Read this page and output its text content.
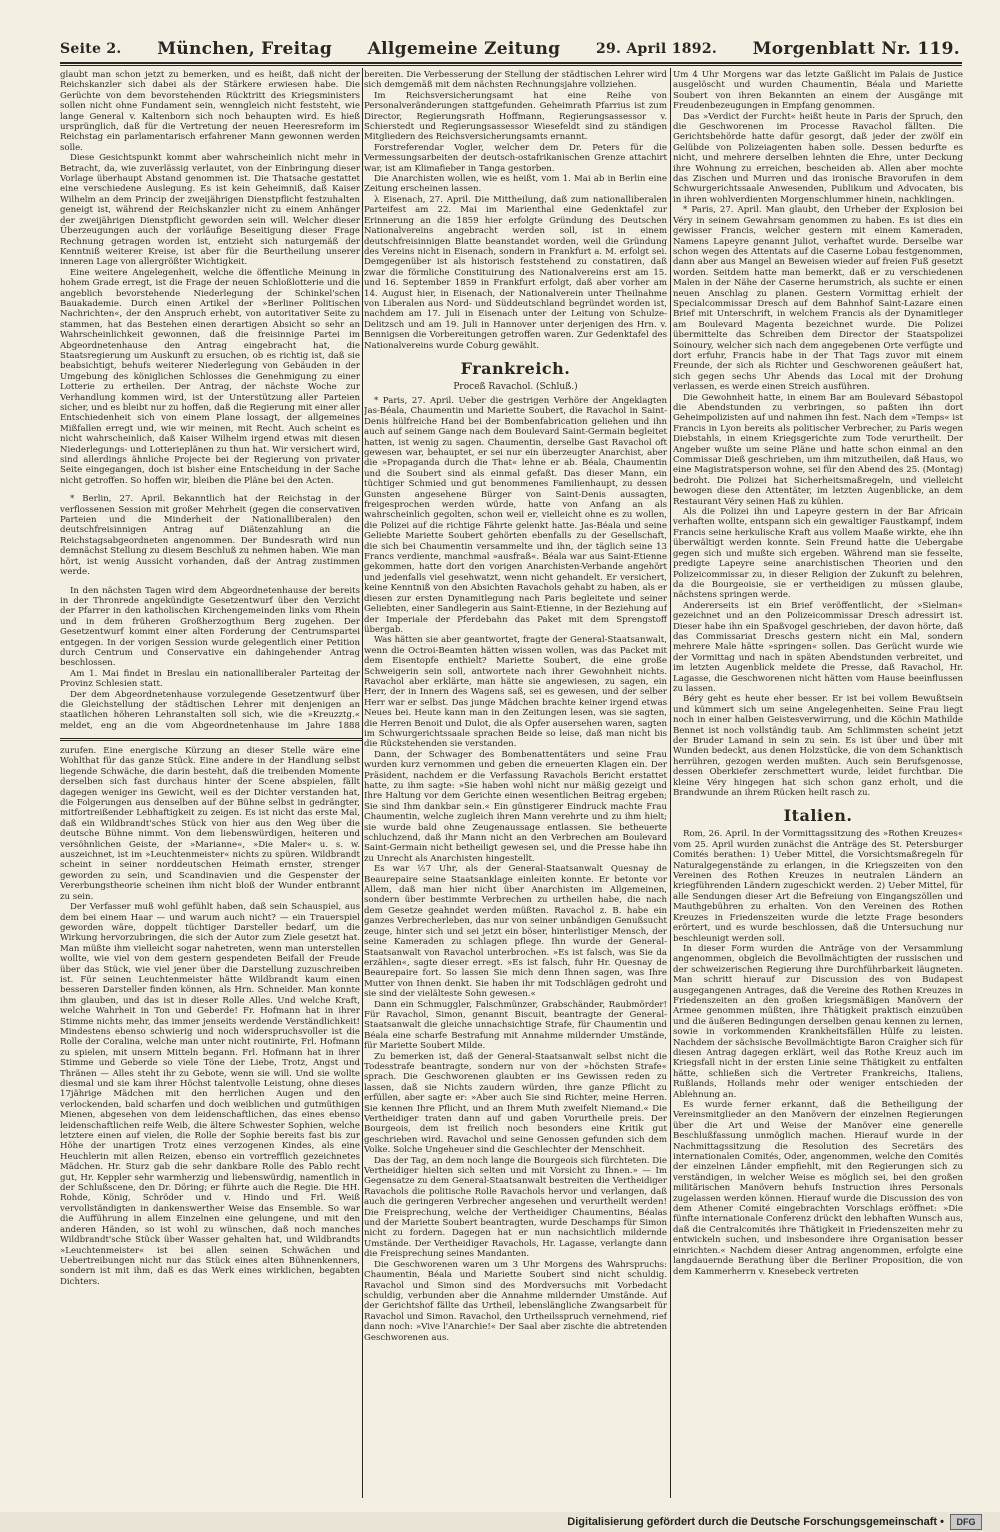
Seite 2. München, Freitag Allgemeine Zeitung	29. April 1892. Morgenblatt Nr. 119.

glaubt man schon jetzt zu bemerken, und es heißt, daß nicht der Reichskanzler sich dabei als der Stärkere erwiesen habe. Die Gerüchte von dem bevorstehenden Rücktritt des Kriegsministers sollen nicht ohne Fundament sein, wenngleich nicht feststeht, wie lange General v. Kaltenborn sich noch behaupten wird. Es hieß ursprünglich, daß für die Vertretung der neuen Heeresreform im Reichstag ein parlamentarisch erfahrener Mann gewonnen werden solle.

Diese Gesichtspunkt kommt aber wahrscheinlich nicht mehr in Betracht, da, wie zuverlässig verlautet, von der Einbringung dieser Vorlage überhaupt Abstand genommen ist. Die Thatsache gestattet eine verschiedene Auslegung. Es ist kein Geheimniß, daß Kaiser Wilhelm an dem Princip der zweijährigen Dienstpflicht festzuhalten geneigt ist, während der Reichskanzler nicht zu einem Anhänger der zweijährigen Dienstpflicht geworden sein will. Welcher dieser Überzeugungen auch der vorläufige Beseitigung dieser Frage Rechnung getragen worden ist, entzieht sich naturgemäß der Kenntniß weiterer Kreise, ist aber für die Beurtheilung unserer inneren Lage von allergrößter Wichtigkeit.

Eine weitere Angelegenheit, welche die öffentliche Meinung in hohem Grade erregt, ist die Frage der neuen Schloßlotterie und die angeblich bevorstehende Niederlegung der Schinkel'schen Bauakademie. Durch einen Artikel der »Berliner Politischen Nachrichten«, der den Anspruch erhebt, von autoritativer Seite zu stammen, hat das Bestehen einen derartigen Absicht so sehr an Wahrscheinlichkeit gewonnen, daß die freisinnige Partei im Abgeordnetenhause den Antrag eingebracht hat, die Staatsregierung um Auskunft zu ersuchen, ob es richtig ist, daß sie beabsichtigt, behufs weiterer Niederlegung von Gebäuden in der Umgebung des königlichen Schlosses die Genehmigung zu einer Lotterie zu ertheilen. Der Antrag, der nächste Woche zur Verhandlung kommen wird, ist der Unterstützung aller Parteien sicher, und es bleibt nur zu hoffen, daß die Regierung mit einer aller Entschiedenheit sich von einem Plane lossagt, der allgemeines Mißfallen erregt und, wie wir meinen, mit Recht. Auch scheint es nicht wahrscheinlich, daß Kaiser Wilhelm irgend etwas mit diesen Niederlegungs- und Lotterieplänen zu thun hat. Wir versichert wird, sind allerdings ähnliche Projecte bei der Regierung von privater Seite eingegangen, doch ist bisher eine Entscheidung in der Sache nicht getroffen. So hoffen wir, bleiben die Pläne bei den Acten.

* Berlin, 27. April. Bekanntlich hat der Reichstag in der verflossenen Session mit großer Mehrheit (gegen die conservativen Parteien und die Minderheit der Nationalliberalen) den deutschfreisinnigen Antrag auf Diätenzahlung an die Reichstagsabgeordneten angenommen. Der Bundesrath wird nun demnächst Stellung zu diesem Beschluß zu nehmen haben. Wie man hört, ist wenig Aussicht vorhanden, daß der Antrag zustimmen werde.

In den nächsten Tagen wird dem Abgeordnetenhause der bereits in der Thronrede angekündigte Gesetzentwurf über den Verzicht der Pfarrer in den katholischen Kirchengemeinden links vom Rhein und in dem früheren Großherzogthum Berg zugehen. Der Gesetzentwurf kommt einer alten Forderung der Centrumspartei entgegen. In der vorigen Session wurde gelegentlich einer Petition durch Centrum und Conservative ein dahingehender Antrag beschlossen.

Am 1. Mai findet in Breslau ein nationalliberaler Parteitag der Provinz Schlesien statt.

Der dem Abgeordnetenhause vorzulegende Gesetzentwurf über die Gleichstellung der städtischen Lehrer mit denjenigen an staatlichen höheren Lehranstalten soll sich, wie die »Kreuzztg.« meldet, eng an die vom Abgeordnetenhause im Jahre 1888

zurufen. Eine energische Kürzung an dieser Stelle wäre eine Wohlthat für das ganze Stück. Eine andere in der Handlung selbst liegende Schwäche, die darin besteht, daß die treibenden Momente derselben sich fast durchaus hinter der Scene abspielen, fällt dagegen weniger ins Gewicht, weil es der Dichter verstanden hat, die Folgerungen aus denselben auf der Bühne selbst in gedrängter, mitfortreißender Lebhaftigkeit zu zeigen. Es ist nicht das erste Mal, daß ein Wildbrandt'sches Stück von hier aus den Weg über die deutsche Bühne nimmt. Von dem liebenswürdigen, heiteren und versöhnlichen Geiste, der »Marianne«, »Die Maler« u. s. w. auszeichnet, ist im »Leuchtenmeister« nichts zu spüren. Wildbrandt scheint in seiner norddeutschen Heimath ernster, strenger geworden zu sein, und Scandinavien und die Gespenster der Vererbungstheorie scheinen ihm nicht bloß der Wunder entbrannt zu sein.

Der Verfasser muß wohl gefühlt haben, daß sein Schauspiel, aus dem bei einem Haar — und warum auch nicht? — ein Trauerspiel geworden wäre, doppelt tüchtiger Darsteller bedarf, um die Wirkung hervorzubringen, die sich der Autor zum Ziele gesetzt hat. Man müßte ihm vielleicht sogar nahetreten, wenn man unterstellen wollte, wie viel von dem gestern gespendeten Beifall der Freude über das Stück, wie viel jener über die Darstellung zuzuschreiben ist. Für seinen Leuchtenmeister hätte Wildbrandt kaum einen besseren Darsteller finden können, als Hrn. Schneider. Man konnte ihm glauben, und das ist in dieser Rolle Alles. Und welche Kraft, welche Wahrheit in Ton und Geberde! Fr. Hofmann hat in ihrer Stimme nichts mehr, das immer jenseits werdende Verständlichkeit! Mindestens ebenso schwierig und noch widerspruchsvoller ist die Rolle der Coralina, welche man unter nicht routinirte, Frl. Hofmann zu spielen, mit unsern Mitteln begann. Frl. Hofmann hat in ihrer Stimme und Geberde so viele Töne der Liebe, Trotz, Angst und Thränen — Alles steht ihr zu Gebote, wenn sie will. Und sie wollte diesmal und sie kam ihrer Höchst talentvolle Leistung, ohne dieses 17jährige Mädchen mit den herrlichen Augen und den verlockenden, bald scharfen und doch weiblichen und gutmüthigen Mienen, abgesehen von dem leidenschaftlichen, das eines ebenso leidenschaftlichen reife Weib, die ältere Schwester Sophien, welche letztere einen auf vielen, die Rolle der Sophie bereits fast bis zur Höhe der unartigen Trotz eines verzogenen Kindes, als eine Heuchlerin mit allen Reizen, ebenso ein vortrefflich gezeichnetes Mädchen. Hr. Sturz gab die sehr dankbare Rolle des Pablo recht gut, Hr. Keppler sehr warmherzig und liebenswürdig, namentlich in der Schlußscene, den Dr. Döring; er führte auch die Regie. Die HH. Rohde, König, Schröder und v. Hindo und Frl. Weiß vervollständigten in dankenswerther Weise das Ensemble. So war die Aufführung in allem Einzelnen eine gelungene, und mit den anderen Händen, so ist wohl zu wünschen, daß noch manches Wildbrandt'sche Stück über Wasser gehalten hat, und Wildbrandts »Leuchtenmeister« ist bei allen seinen Schwächen und Uebertreibungen nicht nur das Stück eines alten Bühnenkenners, sondern ist mit ihm, daß es das Werk eines wirklichen, begabten Dichters.

bereiten. Die Verbesserung der Stellung der städtischen Lehrer wird sich demgemäß mit dem nächsten Rechnungsjahre vollziehen.

Im Reichsversicherungsamt hat eine Reihe von Personalveränderungen stattgefunden. Geheimrath Pfarrius ist zum Director, Regierungsrath Hoffmann, Regierungsassessor v. Schierstedt und Regierungsassessor Wiesefeldt sind zu ständigen Mitgliedern des Reichsversicherungsamts ernannt.

Forstreferendar Vogler, welcher dem Dr. Peters für die Vermessungsarbeiten der deutsch-ostafrikanischen Grenze attachirt war, ist am Klimafieber in Tanga gestorben.

Die Anarchisten wollen, wie es heißt, vom 1. Mai ab in Berlin eine Zeitung erscheinen lassen.

λ Eisenach, 27. April. Die Mittheilung, daß zum nationalliberalen Parteifest am 22. Mai im Marienthal eine Gedenktafel zur Erinnerung an die 1859 hier erfolgte Gründung des Deutschen Nationalvereins angebracht werden soll, ist in einem deutschfreisinnigen Blatte beanstandet worden, weil die Gründung des Vereins nicht in Eisenach, sondern in Frankfurt a. M. erfolgt sei. Demgegenüber ist als historisch feststehend zu constatiren, daß zwar die förmliche Constituirung des Nationalvereins erst am 15. und 16. September 1859 in Frankfurt erfolgt, daß aber vorher am 14. August hier, in Eisenach, der Nationalverein unter Theilnahme von Liberalen aus Nord- und Süddeutschland begründet worden ist, nachdem am 17. Juli in Eisenach unter der Leitung von Schulze-Delitzsch und am 19. Juli in Hannover unter derjenigen des Hrn. v. Bennigsen die Vorbereitungen getroffen waren. Zur Gedenktafel des Nationalvereins wurde Coburg gewählt.

Frankreich.
Proceß Ravachol. (Schluß.)

* Paris, 27. April. Ueber die gestrigen Verhöre der Angeklagten Jas-Béala, Chaumentin und Mariette Soubert, die Ravachol in Saint-Denis hülfreiche Hand bei der Bombenfabrication geliehen und ihn auch auf seinem Gange nach dem Boulevard Saint-Germain begleitet hatten, ist wenig zu sagen. Chaumentin, derselbe Gast Ravachol oft gewesen war, behauptet, er sei nur ein überzeugter Anarchist, aber die »Propaganda durch die That« lehne er ab. Béala, Chaumentin und die Soubert sind als einmal gefaßt. Das dieser Mann, ein tüchtiger Schmied und gut benommenes Familienhaupt, zu dessen Gunsten angesehene Bürger von Saint-Denis aussagten, freigesprochen werden würde, hatte von Anfang an als wahrscheinlich gegolten, schon weil er, vielleicht ohne es zu wollen, die Polizei auf die richtige Fährte gelenkt hatte. Jas-Béala und seine Geliebte Mariette Soubert gehörten ebenfalls zu der Gesellschaft, die sich bei Chaumentin versammelte und ihn, der täglich seine 13 Francs verdiente, manchmal »ausfraß«. Béala war aus Saint-Etienne gekommen, hatte dort den vorigen Anarchisten-Verbande angehört und jedenfalls viel gesehwatzt, wenn nicht gehandelt. Er versichert, keine Kenntniß von den Absichten Ravachols gehabt zu haben, als er diesen zur ersten Dynamitlegung nach Paris begleitete und seiner Geliebten, einer Sandlegerin aus Saint-Etienne, in der Beziehung auf der Imperiale der Pferdebahn das Paket mit dem Sprengstoff übergab.

Was hätten sie aber geantwortet, fragte der General-Staatsanwalt, wenn die Octroi-Beamten hätten wissen wollen, was das Packet mit dem Eisentopfe enthielt? Mariette Soubert, die eine große Schweigerin sein soll, antwortete nach ihrer Gewohnheit nichts. Ravachol aber erklärte, man hätte sie angewiesen, zu sagen, ein Herr, der in Innern des Wagens saß, sei es gewesen, und der selber Herr war er selbst. Das junge Mädchen brachte keiner irgend etwas Neues bei. Heute kann man in den Zeitungen lesen, was sie sagten, die Herren Benoit und Dulot, die als Opfer ausersehen waren, sagten im Schwurgerichtssaale sprachen Beide so leise, daß man nicht bis die Rückstehenden sie verstanden.

Dann, der Schwager des Bombenattentäters und seine Frau wurden kurz vernommen und geben die erneuerten Klagen ein. Der Präsident, nachdem er die Verfassung Ravachols Bericht erstattet hatte, zu ihm sagte: »Sie haben wohl nicht nur mäßig gezeigt und Ihre Haltung vor dem Gerichte einen wesentlichen Beitrag ergeben; Sie sind Ihm dankbar sein.« Ein günstigerer Eindruck machte Frau Chaumentin, welche zugleich ihren Mann verehrte und zu ihm hielt; sie wurde bald ohne Zeugenaussage entlassen. Sie betheuerte schluchzend, daß ihr Mann nicht an den Verbrechen am Boulevard Saint-Germain nicht betheiligt gewesen sei, und die Presse habe ihn zu Unrecht als Anarchisten hingestellt.

Es war ½7 Uhr, als der General-Staatsanwalt Quesnay de Beaurepaire seine Staatsanklage einleiten konnte. Er betonte vor Allem, daß man hier nicht über Anarchisten im Allgemeinen, sondern über bestimmte Verbrechen zu urtheilen habe, die nach dem Gesetze geahndet werden müßten. Ravachol z. B. habe ein ganzes Verbrecherleben, das nur von seiner unbändigen Genußsucht zeuge, hinter sich und sei jetzt ein böser, hinterlistiger Mensch, der seine Kameraden zu schlagen pflege. Ihn wurde der General-Staatsanwalt von Ravachol unterbrochen. »Es ist falsch, was Sie da erzählen«, sagte dieser erregt. »Es ist falsch, fuhr Hr. Quesnay de Beaurepaire fort. So lassen Sie mich denn Ihnen sagen, was Ihre Mutter von Ihnen denkt. Sie haben ihr mit Todschlägen gedroht und sie sind der vielälteste Sohn gewesen.«

Dann ein Schmuggler, Falschmünzer, Grabschänder, Raubmörder! Für Ravachol, Simon, genannt Biscuit, beantragte der General-Staatsanwalt die gleiche unnachsichtige Strafe, für Chaumentin und Béala eine scharfe Bestrafung mit Annahme mildernder Umstände, für Mariette Soubert Milde.

Zu bemerken ist, daß der General-Staatsanwalt selbst nicht die Todesstrafe beantragte, sondern nur von der »höchsten Strafe« sprach. Die Geschworenen glaubten er ins Gewissen reden zu lassen, daß sie Nichts zaudern würden, ihre ganze Pflicht zu erfüllen, aber sagte er: »Aber auch Sie sind Richter, meine Herren. Sie kennen Ihre Pflicht, und an Ihrem Muth zweifelt Niemand.« Die Vertheidiger traten dann auf und gaben Vorurtheile preis. Der Bourgeois, dem ist freilich noch besonders eine Kritik gut geschrieben wird. Ravachol und seine Genossen gefunden sich dem Volke. Solche Ungeheuer sind die Geschlechter der Menschheit.

Das der Tag, an dem noch lange die Bourgeois sich fürchteten. Die Vertheidiger hielten sich selten und mit Vorsicht zu Ihnen.» — Im Gegensatze zu dem General-Staatsanwalt bestreiten die Vertheidiger Ravachols die politische Rolle Ravachols hervor und verlangen, daß auch die geringeren Verbrecher angesehen und verurtheilt werden! Die Freisprechung, welche der Vertheidiger Chaumentins, Béalas und der Mariette Soubert beantragten, wurde Deschamps für Simon nicht zu fordern. Dagegen hat er nun nachsichtlich mildernde Umstände. Der Vertheidiger Ravachols, Hr. Lagasse, verlangte dann die Freisprechung seines Mandanten.

Die Geschworenen waren um 3 Uhr Morgens des Wahrspruchs: Chaumentin, Béala und Mariette Soubert sind nicht schuldig. Ravachol und Simon sind des Mordversuchs mit Vorbedacht schuldig, verbunden aber die Annahme mildernder Umstände. Auf der Gerichtshof fällte das Urtheil, lebenslängliche Zwangsarbeit für Ravachol und Simon. Ravachol, den Urtheilsspruch vernehmend, rief dann noch: »Vive l'Anarchie!« Der Saal aber zischte die abtretenden Geschworenen aus.

Um 4 Uhr Morgens war das letzte Gaßlicht im Palais de Justice ausgelöscht und wurden Chaumentin, Béala und Mariette Soubert von ihren Bekannten an einem der Ausgänge mit Freudenbezeugungen in Empfang genommen.

Das »Verdict der Furcht« heißt heute in Paris der Spruch, den die Geschworenen im Processe Ravachol fällten. Die Gerichtsbehörde hatte dafür gesorgt, daß jeder der zwölf ein Gelübde von Polizeiagenten haben solle. Dessen bedurfte es nicht, und mehrere derselben lehnten die Ehre, unter Deckung ihre Wohnung zu erreichen, bescheiden ab. Allen aber mochte das Zischen und Murren und das ironische Bravorufen in dem Schwurgerichtssaale Anwesenden, Publikum und Advocaten, bis in ihren wohlverdienten Morgenschlummer hinein, nachklingen.

* Paris, 27. April. Man glaubt, den Urheber der Explosion bei Véry in seinem Gewahrsam genommen zu haben. Es ist dies ein gewisser Francis, welcher gestern mit einem Kameraden, Namens Lapeyre genannt Juliot, verhaftet wurde. Derselbe war schon wegen des Attentats auf die Caserne Lobau festgenommen, dann aber aus Mangel an Beweisen wieder auf freien Fuß gesetzt worden. Seitdem hatte man bemerkt, daß er zu verschiedenen Malen in der Nähe der Caserne herumstrich, als suchte er einen neuen Anschlag zu planen. Gestern Vormittag erhielt der Specialcommissar Dresch auf dem Bahnhof Saint-Lazare einen Brief mit Unterschrift, in welchem Francis als der Dynamitleger am Boulevard Magenta bezeichnet wurde. Die Polizei übermittelte das Schreiben dem Director der Staatspolizei Soinoury, welcher sich nach dem angegebenen Orte verfügte und dort erfuhr, Francis habe in der That Tags zuvor mit einem Freunde, der sich als Richter und Geschworenen geäußert hat, sich gegen sechs Uhr Abends das Local mit der Drohung verlassen, es werde einen Streich ausführen.

Die Gewohnheit hatte, in einem Bar am Boulevard Sébastopol die Abendstunden zu verbringen, so paßten ihn dort Geheimpolizisten auf und nahmen ihn fest. Nach dem »Temps« ist Francis in Lyon bereits als politischer Verbrecher, zu Paris wegen Diebstahls, in einem Kriegsgerichte zum Tode verurtheilt. Der Angeber wußte um seine Pläne und hatte schon einmal an den Commissar Dieß geschrieben, um ihm mitzutheilen, daß Haus, wo eine Magistratsperson wohne, sei für den Abend des 25. (Montag) bedroht. Die Polizei hat Sicherheitsmaßregeln, und vielleicht bewogen diese den Attentäter, im letzten Augenblicke, an dem Restaurant Véry seinen Haß zu kühlen.

Als die Polizei ihn und Lapeyre gestern in der Bar Africain verhaften wollte, entspann sich ein gewaltiger Faustkampf, indem Francis seine herkulische Kraft aus vollem Maaße wirkte, ehe ihn überwältigt werden konnte. Sein Freund hatte die Uebergabe gegen sich und mußte sich ergeben. Während man sie fesselte, predigte Lapeyre seine anarchistischen Theorien und den Polizeicommissar zu, in dieser Religion der Zukunft zu belehren, da die Bourgeoisie, sie er vertheidigen zu müssen glaube, nächstens springen werde.

Andererseits ist ein Brief veröffentlicht, der »Sielman« gezeichnet und an den Polizeicommissar Dresch adressirt ist. Dieser habe ihn ein Spaßvogel geschrieben, der davon hörte, daß das Commissariat Dreschs gestern nicht ein Mal, sondern mehrere Male hätte »springen« sollen. Das Gerücht wurde wie der Vormittag und nach in späten Abendstunden verbreitet, und im letzten Augenblick meldete die Presse, daß Ravachol, Hr. Lagasse, die Geschworenen nicht hätten vom Hause beeinflussen zu lassen.

Béry geht es heute eher besser. Er ist bei vollem Bewußtsein und kümmert sich um seine Angelegenheiten. Seine Frau liegt noch in einer halben Geistesverwirrung, und die Köchin Mathilde Bennet ist noch vollständig taub. Am Schlimmsten scheint jetzt der Bruder Lamand in sein zu sein. Es ist über und über mit Wunden bedeckt, aus denen Holzstücke, die von dem Schanktisch herrühren, gezogen werden mußten. Auch sein Berufsgenosse, dessen Oberkiefer zerschmettert wurde, leidet furchtbar. Die kleine Véry hingegen hat sich schon ganz erholt, und die Brandwunde an ihrem Rücken heilt rasch zu.

Italien.

Rom, 26. April. In der Vormittagssitzung des »Rothen Kreuzes« vom 25. April wurden zunächst die Anträge des St. Petersburger Comités berathen: 1) Ueber Mittel, die Vorsichtsmaßregeln für Naturalgegenstände zu erlangen, in die Kriegszeiten von den Vereinen des Rothen Kreuzes in neutralen Ländern an kriegführenden Ländern zugeschickt werden. 2) Ueber Mittel, für alle Sendungen dieser Art die Befreiung von Eingangszöllen und Mauthgebühren zu erhalten. Von den Vereinen des Rothen Kreuzes in Friedenszeiten wurde die letzte Frage besonders erörtert, und es wurde beschlossen, daß die Untersuchung nur beschleunigt werden soll.

In dieser Form wurden die Anträge von der Versammlung angenommen, obgleich die Bevollmächtigten der russischen und der schweizerischen Regierung ihre Durchführbarkeit läugneten. Man schritt hierauf zur Discussion des von Budapest ausgegangenen Antrages, daß die Vereine des Rothen Kreuzes in Friedenszeiten an den großen kriegsmäßigen Manövern der Armee genommen müßten, ihre Thätigkeit praktisch einzuüben und die äußeren Bedingungen derselben genau kennen zu lernen, sowie in vorkommenden Krankheitsfällen Hülfe zu leisten. Nachdem der sächsische Bevollmächtigte Baron Craigher sich für diesen Antrag dagegen erklärt, weil das Rothe Kreuz auch im Kriegsfall nicht in der ersten Linie seine Thätigkeit zu entfalten hätte, schließen sich die Vertreter Frankreichs, Italiens, Rußlands, Hollands mehr oder weniger entschieden der Ablehnung an.

Es wurde ferner erkannt, daß die Betheiligung der Vereinsmitglieder an den Manövern der einzelnen Regierungen über die Art und Weise der Manöver eine generelle Beschlußfassung unmöglich machen. Hierauf wurde in der Nachmittagssitzung die Resolution des Secretärs des internationalen Comités, Oder, angenommen, welche den Comités der einzelnen Länder empfiehlt, mit den Regierungen sich zu verständigen, in welcher Weise es möglich sei, bei den großen militärischen Manövern behufs Instruction ihres Personals zugelassen werden können. Hierauf wurde die Discussion des von dem Athener Comité eingebrachten Vorschlags eröffnet: »Die fünfte internationale Conferenz drückt den lebhaften Wunsch aus, daß die Centralcomités ihre Thätigkeit in Friedenszeiten mehr zu entwickeln suchen, und insbesondere ihre Organisation besser einrichten.« Nachdem dieser Antrag angenommen, erfolgte eine langdauernde Berathung über die Berliner Proposition, die von dem Kammerherrn v. Knesebeck vertreten

Digitalisierung gefördert durch die Deutsche Forschungsgemeinschaft •	DFG
